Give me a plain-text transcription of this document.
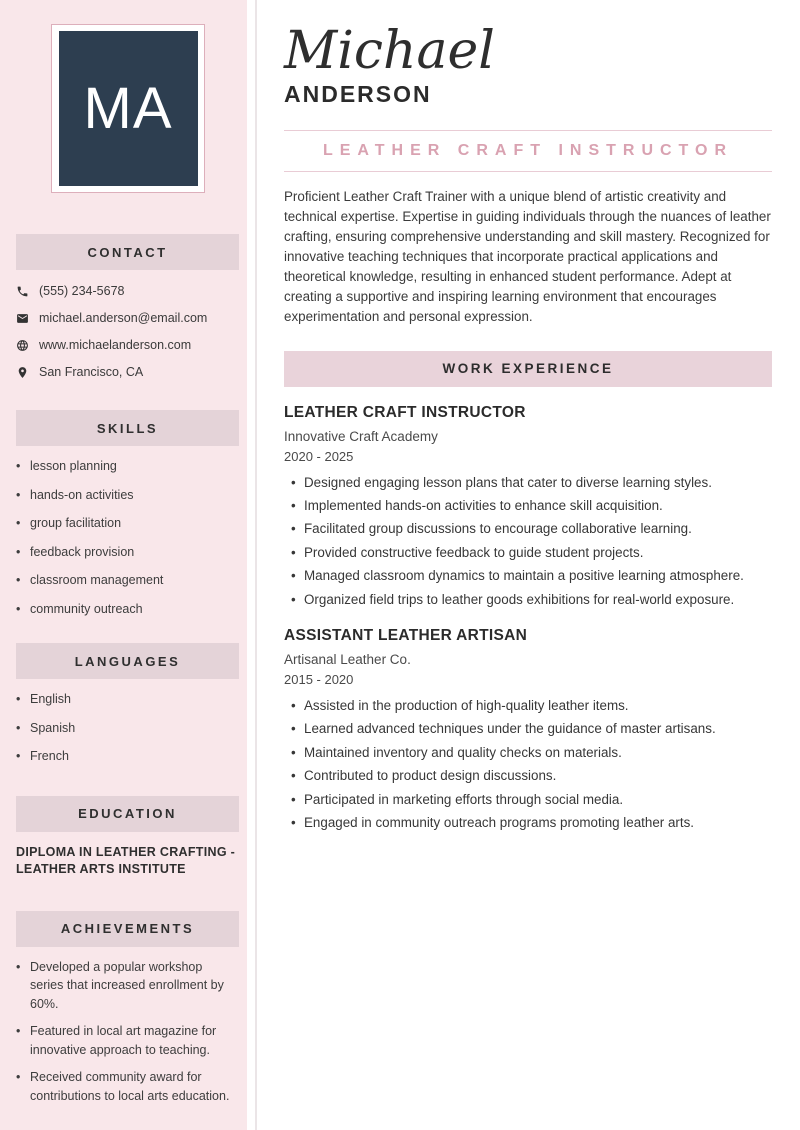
MA
CONTACT
(555) 234-5678
michael.anderson@email.com
www.michaelanderson.com
San Francisco, CA
SKILLS
• lesson planning
• hands-on activities
• group facilitation
• feedback provision
• classroom management
• community outreach
LANGUAGES
• English
• Spanish
• French
EDUCATION
DIPLOMA IN LEATHER CRAFTING - LEATHER ARTS INSTITUTE
ACHIEVEMENTS
• Developed a popular workshop series that increased enrollment by 60%.
• Featured in local art magazine for innovative approach to teaching.
• Received community award for contributions to local arts education.
Michael
ANDERSON
LEATHER CRAFT INSTRUCTOR

Proficient Leather Craft Trainer with a unique blend of artistic creativity and technical expertise. Expertise in guiding individuals through the nuances of leather crafting, ensuring comprehensive understanding and skill mastery. Recognized for innovative teaching techniques that incorporate practical applications and theoretical knowledge, resulting in enhanced student performance. Adept at creating a supportive and inspiring learning environment that encourages experimentation and personal expression.

WORK EXPERIENCE
LEATHER CRAFT INSTRUCTOR
Innovative Craft Academy
2020 - 2025
• Designed engaging lesson plans that cater to diverse learning styles.
• Implemented hands-on activities to enhance skill acquisition.
• Facilitated group discussions to encourage collaborative learning.
• Provided constructive feedback to guide student projects.
• Managed classroom dynamics to maintain a positive learning atmosphere.
• Organized field trips to leather goods exhibitions for real-world exposure.
ASSISTANT LEATHER ARTISAN
Artisanal Leather Co.
2015 - 2020
• Assisted in the production of high-quality leather items.
• Learned advanced techniques under the guidance of master artisans.
• Maintained inventory and quality checks on materials.
• Contributed to product design discussions.
• Participated in marketing efforts through social media.
• Engaged in community outreach programs promoting leather arts.
